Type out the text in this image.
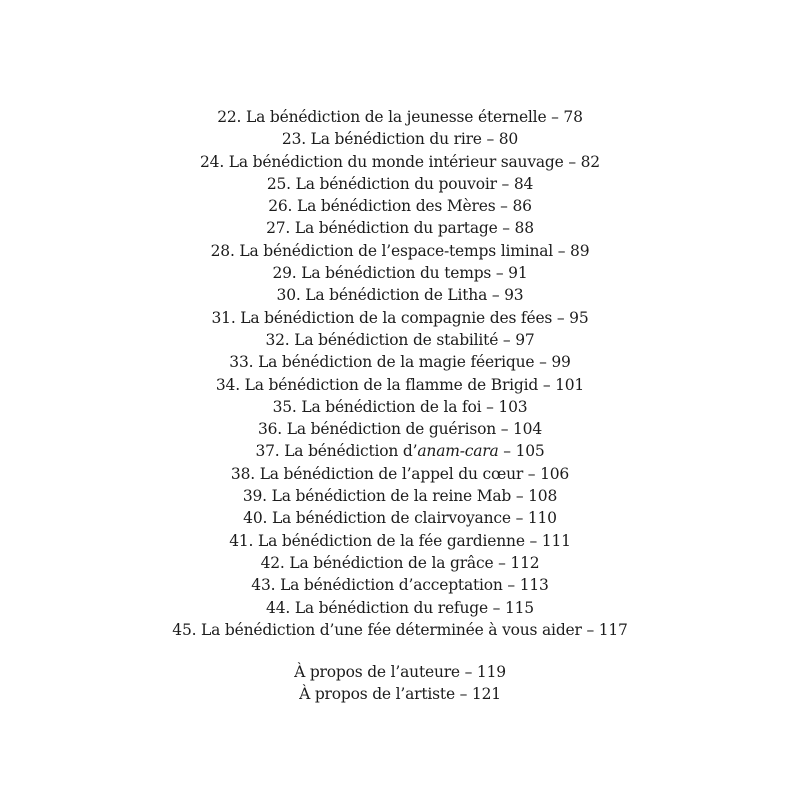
22. La bénédiction de la jeunesse éternelle – 78
23. La bénédiction du rire – 80
24. La bénédiction du monde intérieur sauvage – 82
25. La bénédiction du pouvoir – 84
26. La bénédiction des Mères – 86
27. La bénédiction du partage – 88
28. La bénédiction de l’espace-temps liminal – 89
29. La bénédiction du temps – 91
30. La bénédiction de Litha – 93
31. La bénédiction de la compagnie des fées – 95
32. La bénédiction de stabilité – 97
33. La bénédiction de la magie féerique – 99
34. La bénédiction de la flamme de Brigid – 101
35. La bénédiction de la foi – 103
36. La bénédiction de guérison – 104
37. La bénédiction d’anam-cara – 105
38. La bénédiction de l’appel du cœur – 106
39. La bénédiction de la reine Mab – 108
40. La bénédiction de clairvoyance – 110
41. La bénédiction de la fée gardienne – 111
42. La bénédiction de la grâce – 112
43. La bénédiction d’acceptation – 113
44. La bénédiction du refuge – 115
45. La bénédiction d’une fée déterminée à vous aider – 117
À propos de l’auteure – 119
À propos de l’artiste – 121
